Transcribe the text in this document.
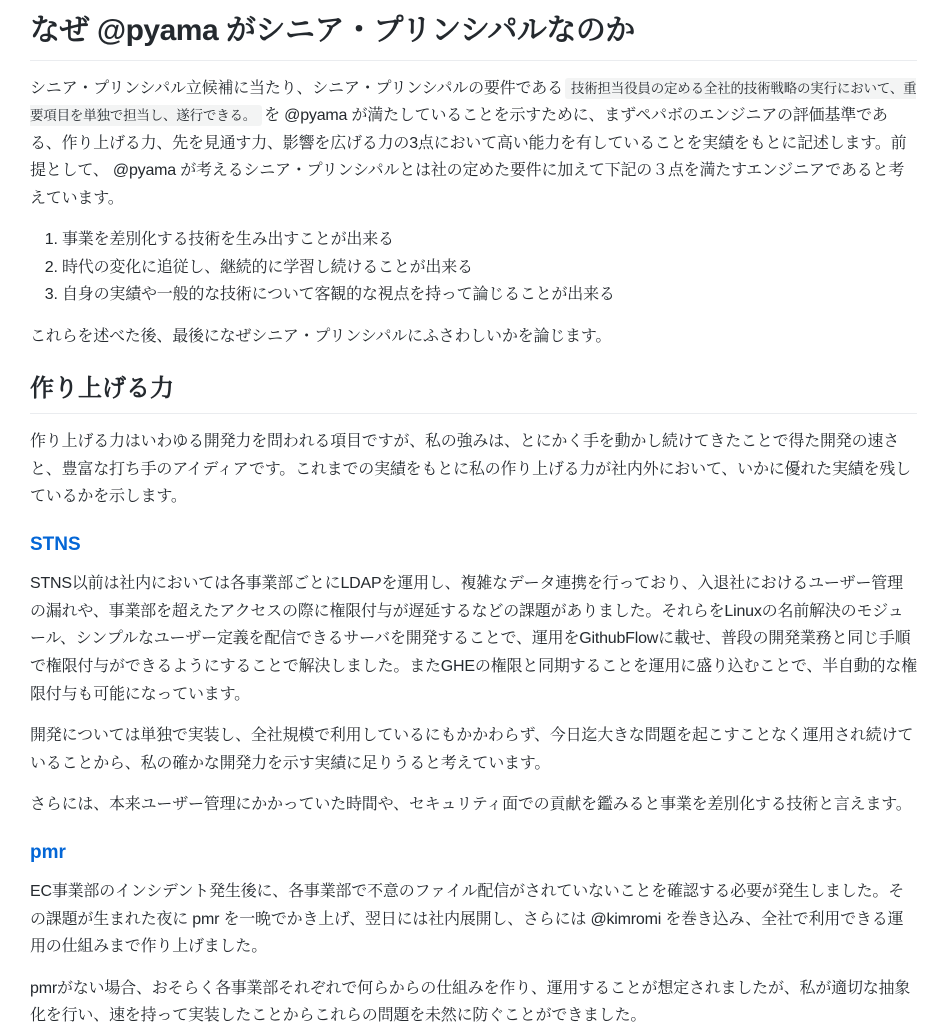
なぜ @pyama がシニア・プリンシパルなのか

シニア・プリンシパル立候補に当たり、シニア・プリンシパルの要件である 技術担当役員の定める全社的技術戦略の実行において、重要項目を単独で担当し、遂行できる。 を @pyama が満たしていることを示すために、まずペパボのエンジニアの評価基準である、作り上げる力、先を見通す力、影響を広げる力の3点において高い能力を有していることを実績をもとに記述します。前提として、 @pyama が考えるシニア・プリンシパルとは社の定めた要件に加えて下記の３点を満たすエンジニアであると考えています。

1. 事業を差別化する技術を生み出すことが出来る
2. 時代の変化に追従し、継続的に学習し続けることが出来る
3. 自身の実績や一般的な技術について客観的な視点を持って論じることが出来る

これらを述べた後、最後になぜシニア・プリンシパルにふさわしいかを論じます。

作り上げる力

作り上げる力はいわゆる開発力を問われる項目ですが、私の強みは、とにかく手を動かし続けてきたことで得た開発の速さと、豊富な打ち手のアイディアです。これまでの実績をもとに私の作り上げる力が社内外において、いかに優れた実績を残しているかを示します。

STNS

STNS以前は社内においては各事業部ごとにLDAPを運用し、複雑なデータ連携を行っており、入退社におけるユーザー管理の漏れや、事業部を超えたアクセスの際に権限付与が遅延するなどの課題がありました。それらをLinuxの名前解決のモジュール、シンプルなユーザー定義を配信できるサーバを開発することで、運用をGithubFlowに載せ、普段の開発業務と同じ手順で権限付与ができるようにすることで解決しました。またGHEの権限と同期することを運用に盛り込むことで、半自動的な権限付与も可能になっています。

開発については単独で実装し、全社規模で利用しているにもかかわらず、今日迄大きな問題を起こすことなく運用され続けていることから、私の確かな開発力を示す実績に足りうると考えています。

さらには、本来ユーザー管理にかかっていた時間や、セキュリティ面での貢献を鑑みると事業を差別化する技術と言えます。

pmr

EC事業部のインシデント発生後に、各事業部で不意のファイル配信がされていないことを確認する必要が発生しました。その課題が生まれた夜に pmr を一晩でかき上げ、翌日には社内展開し、さらには @kimromi を巻き込み、全社で利用できる運用の仕組みまで作り上げました。

pmrがない場合、おそらく各事業部それぞれで何らからの仕組みを作り、運用することが想定されましたが、私が適切な抽象化を行い、速を持って実装したことからこれらの問題を未然に防ぐことができました。
